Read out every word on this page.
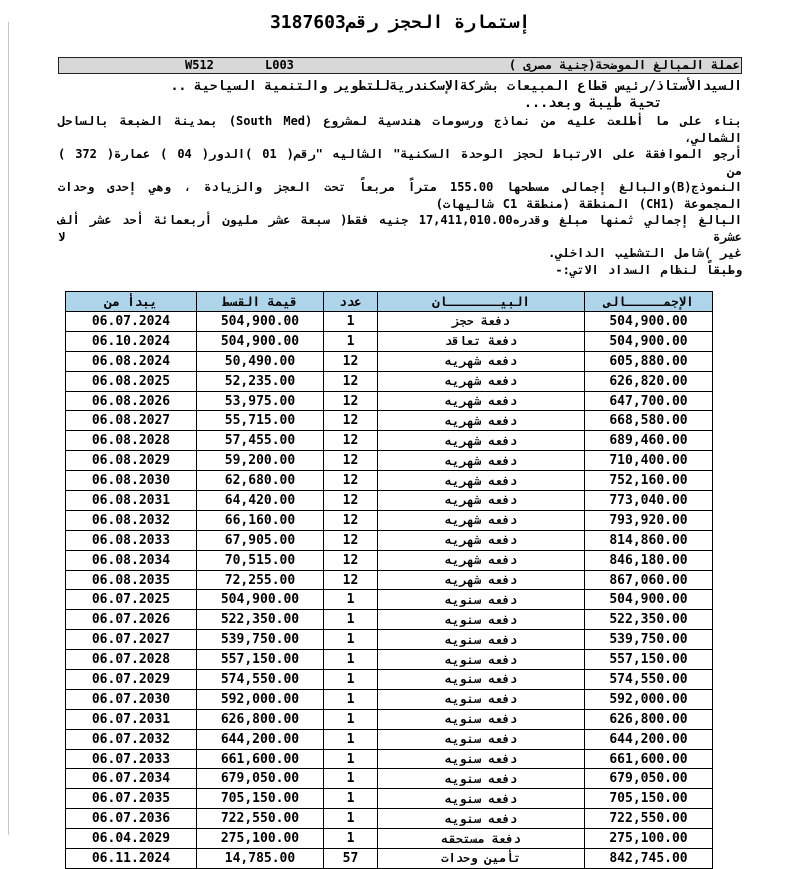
إستمارة الحجز رقم3187603
عملة المبالغ الموضحة(جنية مصرى )
W512	L003
السيدالأستاذ/رئيس قطاع المبيعات بشركةالإسكندريةللتطوير والتنمية السياحية ..
تحية طيبة وبعد...
بناء على ما أطلعت عليه من نماذج ورسومات هندسية لمشروع (South Med) بمدينة الضبعة بالساحل الشمالي،
أرجو الموافقة على الارتباط لحجز الوحدة السكنية" الشاليه "رقم( 01 )الدور( 04 ) عمارة( 372 ) من
النموذج(B)والبالغ إجمالى مسطحها 155.00 متراً مربعاً تحت العجز والزيادة ، وهي إحدى وحدات
المجموعة (CH1) المنطقة (منطقة C1 شاليهات)
البالغ إجمالي ثمنها مبلغ وقدره17,411,010.00 جنيه فقط( سبعة عشر مليون أربعمائة أحد عشر ألف عشرة لا
غير )شامل التشطيب الداخلي.
وطبقاً لنظام السداد الاتي:-
الإجمـــــالى	البيـــــــان	عدد	قيمة القسط	يبدأ من
504,900.00	دفعة حجز	1	504,900.00	06.07.2024
504,900.00	دفعة تعاقد	1	504,900.00	06.10.2024
605,880.00	دفعه شهريه	12	50,490.00	06.08.2024
626,820.00	دفعه شهريه	12	52,235.00	06.08.2025
647,700.00	دفعه شهريه	12	53,975.00	06.08.2026
668,580.00	دفعه شهريه	12	55,715.00	06.08.2027
689,460.00	دفعه شهريه	12	57,455.00	06.08.2028
710,400.00	دفعه شهريه	12	59,200.00	06.08.2029
752,160.00	دفعه شهريه	12	62,680.00	06.08.2030
773,040.00	دفعه شهريه	12	64,420.00	06.08.2031
793,920.00	دفعه شهريه	12	66,160.00	06.08.2032
814,860.00	دفعه شهريه	12	67,905.00	06.08.2033
846,180.00	دفعه شهريه	12	70,515.00	06.08.2034
867,060.00	دفعه شهريه	12	72,255.00	06.08.2035
504,900.00	دفعه سنويه	1	504,900.00	06.07.2025
522,350.00	دفعه سنويه	1	522,350.00	06.07.2026
539,750.00	دفعه سنويه	1	539,750.00	06.07.2027
557,150.00	دفعه سنويه	1	557,150.00	06.07.2028
574,550.00	دفعه سنويه	1	574,550.00	06.07.2029
592,000.00	دفعه سنويه	1	592,000.00	06.07.2030
626,800.00	دفعه سنويه	1	626,800.00	06.07.2031
644,200.00	دفعه سنويه	1	644,200.00	06.07.2032
661,600.00	دفعه سنويه	1	661,600.00	06.07.2033
679,050.00	دفعه سنويه	1	679,050.00	06.07.2034
705,150.00	دفعه سنويه	1	705,150.00	06.07.2035
722,550.00	دفعه سنويه	1	722,550.00	06.07.2036
275,100.00	دفعة مستحقه	1	275,100.00	06.04.2029
842,745.00	تأمين وحدات	57	14,785.00	06.11.2024
